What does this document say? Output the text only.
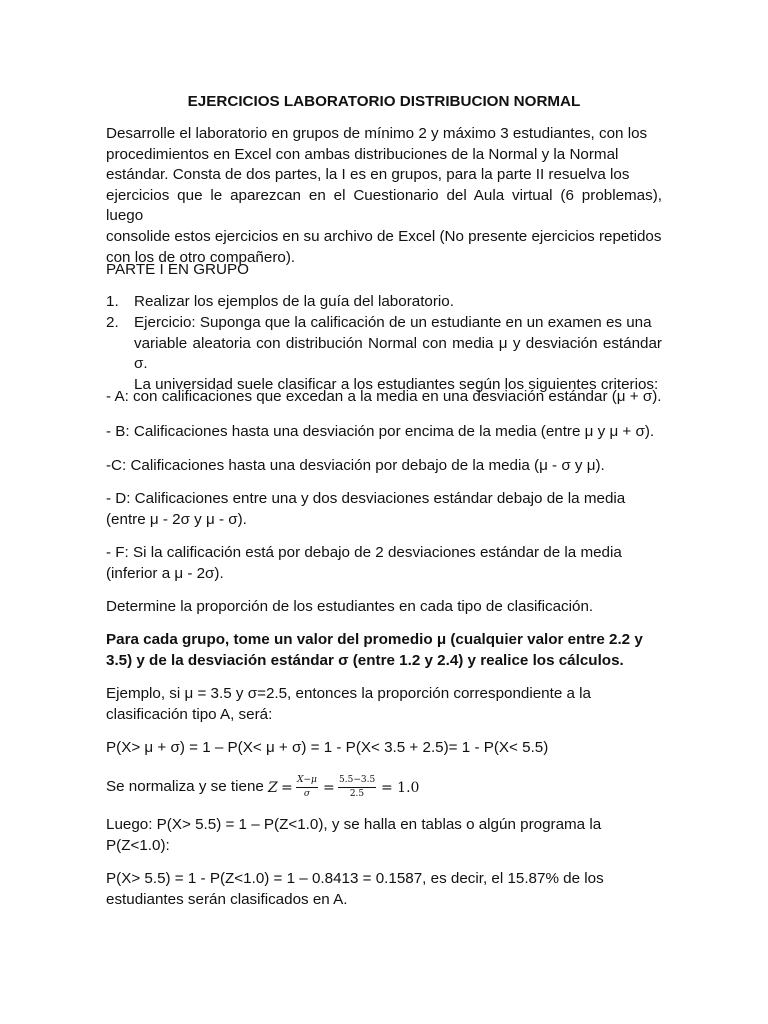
EJERCICIOS LABORATORIO DISTRIBUCION NORMAL
Desarrolle el laboratorio en grupos de mínimo 2 y máximo 3 estudiantes, con los
procedimientos en Excel con ambas distribuciones de la Normal y la Normal
estándar. Consta de dos partes, la I es en grupos, para la parte II resuelva los
ejercicios que le aparezcan en el Cuestionario del Aula virtual (6 problemas), luego
consolide estos ejercicios en su archivo de Excel (No presente ejercicios repetidos
con los de otro compañero).
PARTE I EN GRUPO
1. Realizar los ejemplos de la guía del laboratorio.
2. Ejercicio: Suponga que la calificación de un estudiante en un examen es una
variable aleatoria con distribución Normal con media μ y desviación estándar σ.
La universidad suele clasificar a los estudiantes según los siguientes criterios:
- A: con calificaciones que excedan a la media en una desviación estándar (μ + σ).
- B: Calificaciones hasta una desviación por encima de la media (entre μ y μ + σ).
-C: Calificaciones hasta una desviación por debajo de la media (μ - σ y μ).
- D: Calificaciones entre una y dos desviaciones estándar debajo de la media
(entre μ - 2σ y μ - σ).
- F: Si la calificación está por debajo de 2 desviaciones estándar de la media
(inferior a μ - 2σ).
Determine la proporción de los estudiantes en cada tipo de clasificación.
Para cada grupo, tome un valor del promedio μ (cualquier valor entre 2.2 y
3.5) y de la desviación estándar σ (entre 1.2 y 2.4) y realice los cálculos.
Ejemplo, si μ = 3.5 y σ=2.5, entonces la proporción correspondiente a la
clasificación tipo A, será:
P(X> μ + σ) = 1 – P(X< μ + σ) = 1 - P(X< 3.5 + 2.5)= 1 - P(X< 5.5)
Se normaliza y se tiene $Z = \frac{X-\mu}{\sigma} = \frac{5.5-3.5}{2.5} = 1.0$
Luego: P(X> 5.5) = 1 – P(Z<1.0), y se halla en tablas o algún programa la
P(Z<1.0):
P(X> 5.5) = 1 - P(Z<1.0) = 1 – 0.8413 = 0.1587, es decir, el 15.87% de los
estudiantes serán clasificados en A.
